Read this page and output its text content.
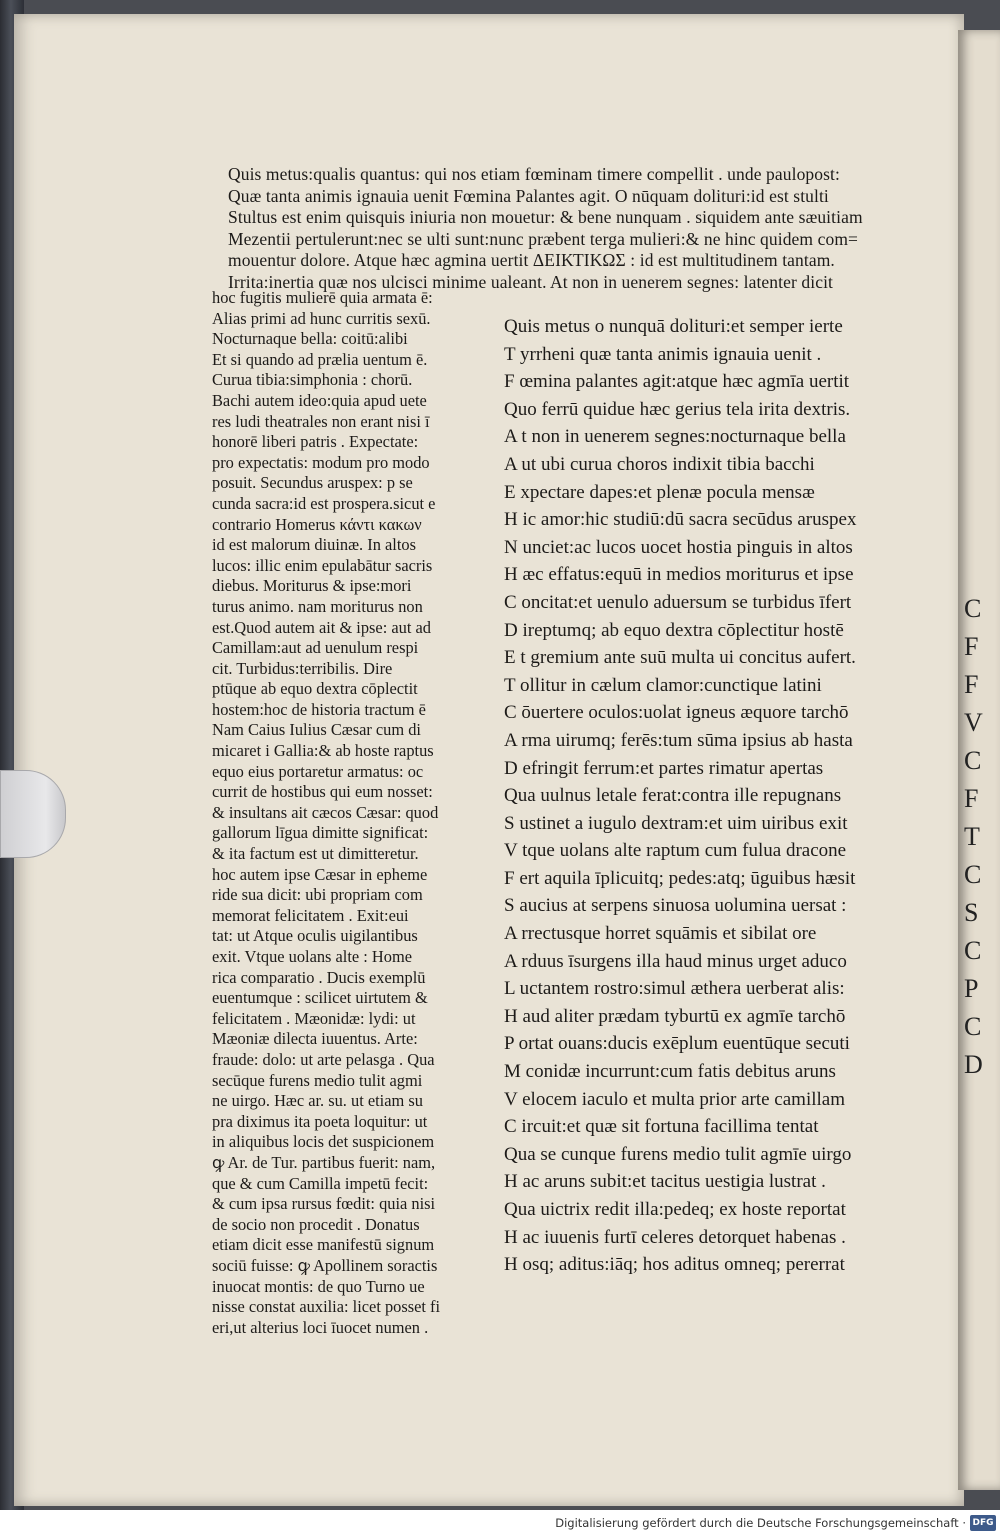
C
F
F
V
C
F
T
C
S
C
P
C
D
Quis metus:qualis quantus: qui nos etiam fœminam timere compellit . unde paulopost:
Quæ tanta animis ignauia uenit Fœmina Palantes agit. O nūquam dolituri:id est stulti
Stultus est enim quisquis iniuria non mouetur: & bene nunquam . siquidem ante sæuitiam
Mezentii pertulerunt:nec se ulti sunt:nunc præbent terga mulieri:& ne hinc quidem com=
mouentur dolore. Atque hæc agmina uertit ΔΕΙΚΤΙΚΩΣ : id est multitudinem tantam.
Irrita:inertia quæ nos ulcisci minime ualeant. At non in uenerem segnes: latenter dicit
hoc fugitis mulierē quia armata ē:
Alias primi ad hunc curritis sexū.
Nocturnaque bella: coitū:alibi
Et si quando ad prælia uentum ē.
Curua tibia:simphonia : chorū.
Bachi autem ideo:quia apud uete
res ludi theatrales non erant nisi ī
honorē liberi patris . Expectate:
pro expectatis: modum pro modo
posuit. Secundus aruspex: p se
cunda sacra:id est prospera.sicut e
contrario Homerus κάντι κακων
id est malorum diuinæ. In altos
lucos: illic enim epulabātur sacris
diebus. Moriturus & ipse:mori
turus animo. nam moriturus non
est.Quod autem ait & ipse: aut ad
Camillam:aut ad uenulum respi
cit. Turbidus:terribilis. Dire
ptūque ab equo dextra cōplectit
hostem:hoc de historia tractum ē
Nam Caius Iulius Cæsar cum di
micaret i Gallia:& ab hoste raptus
equo eius portaretur armatus: oc
currit de hostibus qui eum nosset:
& insultans ait cæcos Cæsar: quod
gallorum līgua dimitte significat:
& ita factum est ut dimitteretur.
hoc autem ipse Cæsar in epheme
ride sua dicit: ubi propriam com
memorat felicitatem . Exit:eui
tat: ut Atque oculis uigilantibus
exit. Vtque uolans alte : Home
rica comparatio . Ducis exemplū
euentumque : scilicet uirtutem &
felicitatem . Mæonidæ: lydi: ut
Mæoniæ dilecta iuuentus. Arte:
fraude: dolo: ut arte pelasga . Qua
secūque furens medio tulit agmi
ne uirgo. Hæc ar. su. ut etiam su
pra diximus ita poeta loquitur: ut
in aliquibus locis det suspicionem
ꝙ Ar. de Tur. partibus fuerit: nam,
que & cum Camilla impetū fecit:
& cum ipsa rursus fœdit: quia nisi
de socio non procedit . Donatus
etiam dicit esse manifestū signum
sociū fuisse: ꝙ Apollinem soractis
inuocat montis: de quo Turno ue
nisse constat auxilia: licet posset fi
eri,ut alterius loci īuocet numen .
Quis metus o nunquā dolituri:et semper ierte
T yrrheni quæ tanta animis ignauia uenit .
F œmina palantes agit:atque hæc agmīa uertit
Quo ferrū quidue hæc gerius tela irita dextris.
A t non in uenerem segnes:nocturnaque bella
A ut ubi curua choros indixit tibia bacchi
E xpectare dapes:et plenæ pocula mensæ
H ic amor:hic studiū:dū sacra secūdus aruspex
N unciet:ac lucos uocet hostia pinguis in altos
H æc effatus:equū in medios moriturus et ipse
C oncitat:et uenulo aduersum se turbidus īfert
D ireptumq; ab equo dextra cōplectitur hostē
E t gremium ante suū multa ui concitus aufert.
T ollitur in cælum clamor:cunctique latini
C ōuertere oculos:uolat igneus æquore tarchō
A rma uirumq; ferēs:tum sūma ipsius ab hasta
D efringit ferrum:et partes rimatur apertas
Qua uulnus letale ferat:contra ille repugnans
S ustinet a iugulo dextram:et uim uiribus exit
V tque uolans alte raptum cum fulua dracone
F ert aquila īplicuitq; pedes:atq; ūguibus hæsit
S aucius at serpens sinuosa uolumina uersat :
A rrectusque horret squāmis et sibilat ore
A rduus īsurgens illa haud minus urget aduco
L uctantem rostro:simul æthera uerberat alis:
H aud aliter prædam tyburtū ex agmīe tarchō
P ortat ouans:ducis exēplum euentūque secuti
M conidæ incurrunt:cum fatis debitus aruns
V elocem iaculo et multa prior arte camillam
C ircuit:et quæ sit fortuna facillima tentat
Qua se cunque furens medio tulit agmīe uirgo
H ac aruns subit:et tacitus uestigia lustrat .
Qua uictrix redit illa:pedeq; ex hoste reportat
H ac iuuenis furtī celeres detorquet habenas .
H osq; aditus:iāq; hos aditus omneq; pererrat
Digitalisierung gefördert durch die Deutsche Forschungsgemeinschaft · DFG
